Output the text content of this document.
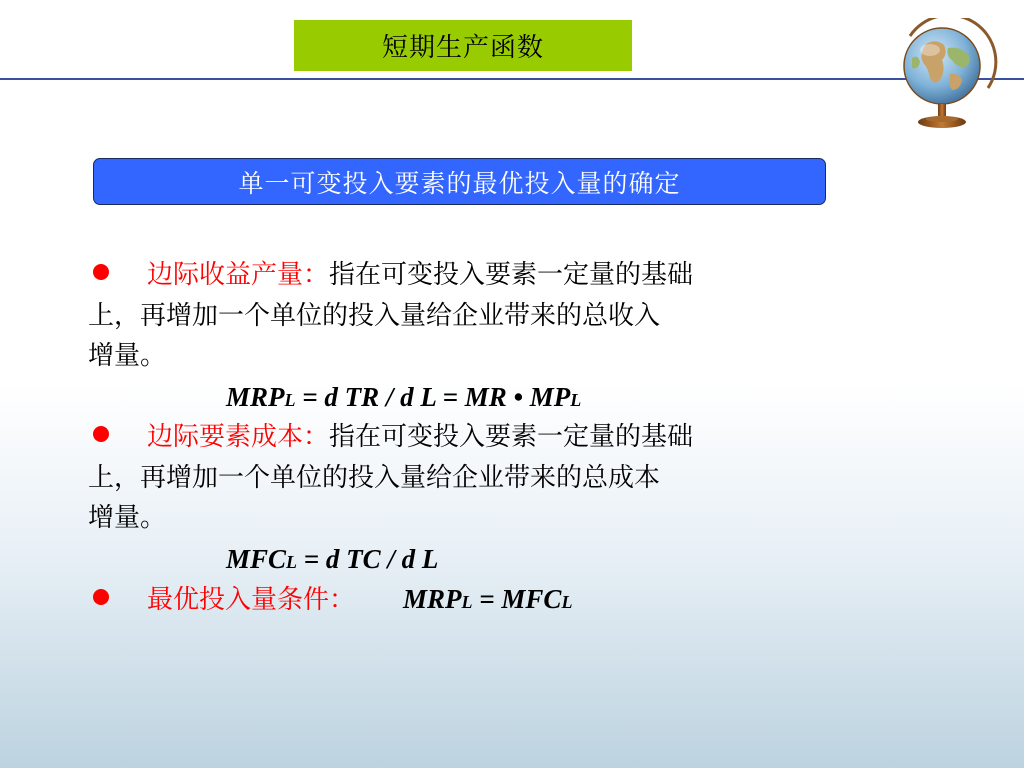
短期生产函数
单一可变投入要素的最优投入量的确定
边际收益产量：指在可变投入要素一定量的基础
上，再增加一个单位的投入量给企业带来的总收入
增量。
MRPL = d TR / d L = MR • MPL
边际要素成本：指在可变投入要素一定量的基础
上，再增加一个单位的投入量给企业带来的总成本
增量。
MFCL = d TC / d L
最优投入量条件： MRPL = MFCL
